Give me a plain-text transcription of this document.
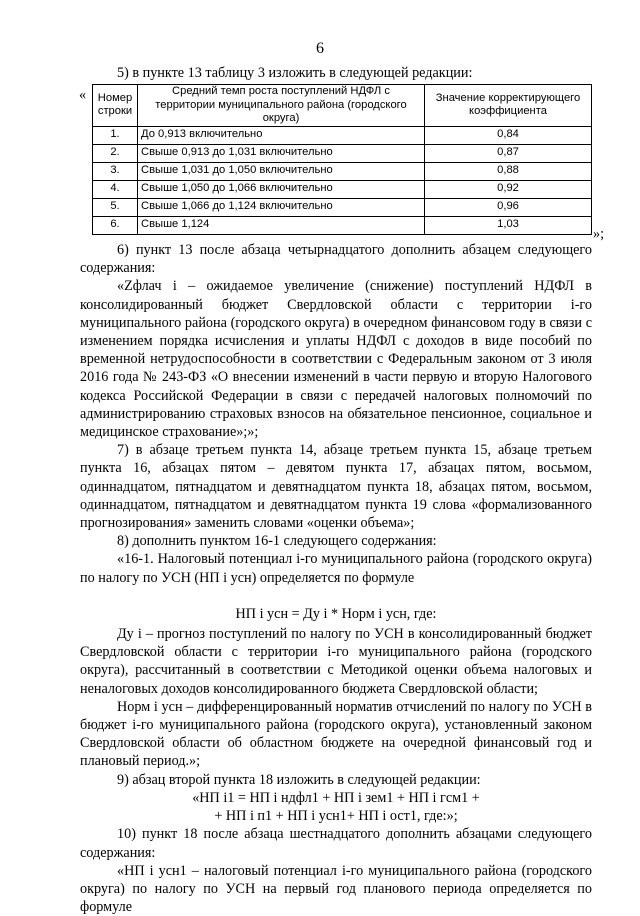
6
5) в пункте 13 таблицу 3 изложить в следующей редакции:
« Номер строки	Средний темп роста поступлений НДФЛ с территории муниципального района (городского округа)	Значение корректирующего коэффициента
1.	До 0,913 включительно	0,84
2.	Свыше 0,913 до 1,031 включительно	0,87
3.	Свыше 1,031 до 1,050 включительно	0,88
4.	Свыше 1,050 до 1,066 включительно	0,92
5.	Свыше 1,066 до 1,124 включительно	0,96
6.	Свыше 1,124	1,03
»;

6) пункт 13 после абзаца четырнадцатого дополнить абзацем следующего содержания:

«Zфлач i – ожидаемое увеличение (снижение) поступлений НДФЛ в консолидированный бюджет Свердловской области с территории i-го муниципального района (городского округа) в очередном финансовом году в связи с изменением порядка исчисления и уплаты НДФЛ с доходов в виде пособий по временной нетрудоспособности в соответствии с Федеральным законом от 3 июля 2016 года № 243-ФЗ «О внесении изменений в части первую и вторую Налогового кодекса Российской Федерации в связи с передачей налоговых полномочий по администрированию страховых взносов на обязательное пенсионное, социальное и медицинское страхование»;»;

7) в абзаце третьем пункта 14, абзаце третьем пункта 15, абзаце третьем пункта 16, абзацах пятом – девятом пункта 17, абзацах пятом, восьмом, одиннадцатом, пятнадцатом и девятнадцатом пункта 18, абзацах пятом, восьмом, одиннадцатом, пятнадцатом и девятнадцатом пункта 19 слова «формализованного прогнозирования» заменить словами «оценки объема»;

8) дополнить пунктом 16-1 следующего содержания:

«16-1. Налоговый потенциал i-го муниципального района (городского округа) по налогу по УСН (НП i усн) определяется по формуле

НП i усн = Ду i * Норм i усн, где:

Ду i – прогноз поступлений по налогу по УСН в консолидированный бюджет Свердловской области с территории i-го муниципального района (городского округа), рассчитанный в соответствии с Методикой оценки объема налоговых и неналоговых доходов консолидированного бюджета Свердловской области;

Норм i усн – дифференцированный норматив отчислений по налогу по УСН в бюджет i-го муниципального района (городского округа), установленный законом Свердловской области об областном бюджете на очередной финансовый год и плановый период.»;

9) абзац второй пункта 18 изложить в следующей редакции:

«НП i1 = НП i ндфл1 + НП i зем1 + НП i гсм1 +

+ НП i п1 + НП i усн1+ НП i ост1, где:»;

10) пункт 18 после абзаца шестнадцатого дополнить абзацами следующего содержания:

«НП i усн1 – налоговый потенциал i-го муниципального района (городского округа) по налогу по УСН на первый год планового периода определяется по формуле
